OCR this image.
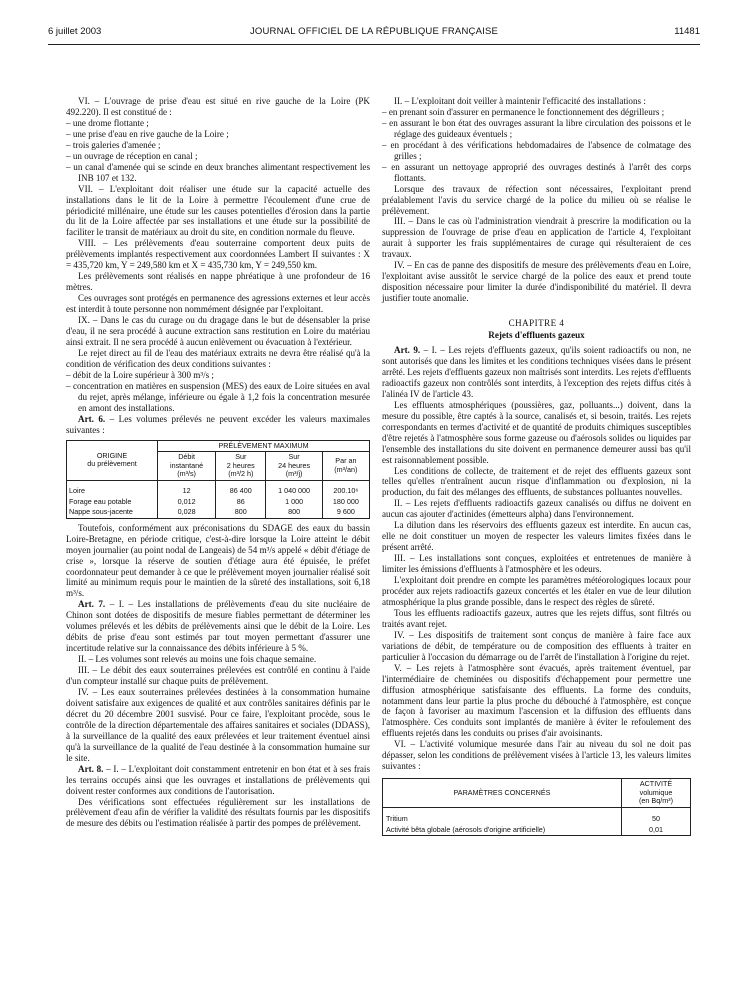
6 juillet 2003	JOURNAL OFFICIEL DE LA RÉPUBLIQUE FRANÇAISE	11481

VI. – L'ouvrage de prise d'eau est situé en rive gauche de la Loire (PK 492.220). Il est constitué de :

– une drome flottante ;

– une prise d'eau en rive gauche de la Loire ;

– trois galeries d'amenée ;

– un ouvrage de réception en canal ;

– un canal d'amenée qui se scinde en deux branches alimentant respectivement les INB 107 et 132.

VII. – L'exploitant doit réaliser une étude sur la capacité actuelle des installations dans le lit de la Loire à permettre l'écoulement d'une crue de périodicité millénaire, une étude sur les causes potentielles d'érosion dans la partie du lit de la Loire affectée par ses installations et une étude sur la possibilité de faciliter le transit de matériaux au droit du site, en condition normale du fleuve.

VIII. – Les prélèvements d'eau souterraine comportent deux puits de prélèvements implantés respectivement aux coordonnées Lambert II suivantes : X = 435,720 km, Y = 249,580 km et X = 435,730 km, Y = 249,550 km.

Les prélèvements sont réalisés en nappe phréatique à une profondeur de 16 mètres.

Ces ouvrages sont protégés en permanence des agressions externes et leur accès est interdit à toute personne non nommément désignée par l'exploitant.

IX. – Dans le cas du curage ou du dragage dans le but de désensabler la prise d'eau, il ne sera procédé à aucune extraction sans restitution en Loire du matériau ainsi extrait. Il ne sera procédé à aucun enlèvement ou évacuation à l'extérieur.

Le rejet direct au fil de l'eau des matériaux extraits ne devra être réalisé qu'à la condition de vérification des deux conditions suivantes :

– débit de la Loire supérieur à 300 m³/s ;

– concentration en matières en suspension (MES) des eaux de Loire situées en aval du rejet, après mélange, inférieure ou égale à 1,2 fois la concentration mesurée en amont des installations.

Art. 6. – Les volumes prélevés ne peuvent excéder les valeurs maximales suivantes :

ORIGINE
du prélèvement	PRÉLÈVEMENT MAXIMUM			
	Débit
instantané
(m³/s)	Sur
2 heures
(m³/2 h)	Sur
24 heures
(m³/j)	Par an
(m³/an)
Loire	12	86 400	1 040 000	200.10⁶
Forage eau potable	0,012	86	1 000	180 000
Nappe sous-jacente	0,028	800	800	9 600

Toutefois, conformément aux préconisations du SDAGE des eaux du bassin Loire-Bretagne, en période critique, c'est-à-dire lorsque la Loire atteint le débit moyen journalier (au point nodal de Langeais) de 54 m³/s appelé « débit d'étiage de crise », lorsque la réserve de soutien d'étiage aura été épuisée, le préfet coordonnateur peut demander à ce que le prélèvement moyen journalier réalisé soit limité au minimum requis pour le maintien de la sûreté des installations, soit 6,18 m³/s.

Art. 7. – I. – Les installations de prélèvements d'eau du site nucléaire de Chinon sont dotées de dispositifs de mesure fiables permettant de déterminer les volumes prélevés et les débits de prélèvements ainsi que le débit de la Loire. Les débits de prise d'eau sont estimés par tout moyen permettant d'assurer une incertitude relative sur la connaissance des débits inférieure à 5 %.

II. – Les volumes sont relevés au moins une fois chaque semaine.

III. – Le débit des eaux souterraines prélevées est contrôlé en continu à l'aide d'un compteur installé sur chaque puits de prélèvement.

IV. – Les eaux souterraines prélevées destinées à la consommation humaine doivent satisfaire aux exigences de qualité et aux contrôles sanitaires définis par le décret du 20 décembre 2001 susvisé. Pour ce faire, l'exploitant procède, sous le contrôle de la direction départementale des affaires sanitaires et sociales (DDASS), à la surveillance de la qualité des eaux prélevées et leur traitement éventuel ainsi qu'à la surveillance de la qualité de l'eau destinée à la consommation humaine sur le site.

Art. 8. – I. – L'exploitant doit constamment entretenir en bon état et à ses frais les terrains occupés ainsi que les ouvrages et installations de prélèvements qui doivent rester conformes aux conditions de l'autorisation.

Des vérifications sont effectuées régulièrement sur les installations de prélèvement d'eau afin de vérifier la validité des résultats fournis par les dispositifs de mesure des débits ou l'estimation réalisée à partir des pompes de prélèvement.

II. – L'exploitant doit veiller à maintenir l'efficacité des installations :

– en prenant soin d'assurer en permanence le fonctionnement des dégrilleurs ;

– en assurant le bon état des ouvrages assurant la libre circulation des poissons et le réglage des guideaux éventuels ;

– en procédant à des vérifications hebdomadaires de l'absence de colmatage des grilles ;

– en assurant un nettoyage approprié des ouvrages destinés à l'arrêt des corps flottants.

Lorsque des travaux de réfection sont nécessaires, l'exploitant prend préalablement l'avis du service chargé de la police du milieu où se réalise le prélèvement.

III. – Dans le cas où l'administration viendrait à prescrire la modification ou la suppression de l'ouvrage de prise d'eau en application de l'article 4, l'exploitant aurait à supporter les frais supplémentaires de curage qui résulteraient de ces travaux.

IV. – En cas de panne des dispositifs de mesure des prélèvements d'eau en Loire, l'exploitant avise aussitôt le service chargé de la police des eaux et prend toute disposition nécessaire pour limiter la durée d'indisponibilité du matériel. Il devra justifier toute anomalie.

CHAPITRE 4
Rejets d'effluents gazeux

Art. 9. – I. – Les rejets d'effluents gazeux, qu'ils soient radioactifs ou non, ne sont autorisés que dans les limites et les conditions techniques visées dans le présent arrêté. Les rejets d'effluents gazeux non maîtrisés sont interdits. Les rejets d'effluents radioactifs gazeux non contrôlés sont interdits, à l'exception des rejets diffus cités à l'alinéa IV de l'article 43.

Les effluents atmosphériques (poussières, gaz, polluants...) doivent, dans la mesure du possible, être captés à la source, canalisés et, si besoin, traités. Les rejets correspondants en termes d'activité et de quantité de produits chimiques susceptibles d'être rejetés à l'atmosphère sous forme gazeuse ou d'aérosols solides ou liquides par l'ensemble des installations du site doivent en permanence demeurer aussi bas qu'il est raisonnablement possible.

Les conditions de collecte, de traitement et de rejet des effluents gazeux sont telles qu'elles n'entraînent aucun risque d'inflammation ou d'explosion, ni la production, du fait des mélanges des effluents, de substances polluantes nouvelles.

II. – Les rejets d'effluents radioactifs gazeux canalisés ou diffus ne doivent en aucun cas ajouter d'actinides (émetteurs alpha) dans l'environnement.

La dilution dans les réservoirs des effluents gazeux est interdite. En aucun cas, elle ne doit constituer un moyen de respecter les valeurs limites fixées dans le présent arrêté.

III. – Les installations sont conçues, exploitées et entretenues de manière à limiter les émissions d'effluents à l'atmosphère et les odeurs.

L'exploitant doit prendre en compte les paramètres météorologiques locaux pour procéder aux rejets radioactifs gazeux concertés et les étaler en vue de leur dilution atmosphérique la plus grande possible, dans le respect des règles de sûreté.

Tous les effluents radioactifs gazeux, autres que les rejets diffus, sont filtrés ou traités avant rejet.

IV. – Les dispositifs de traitement sont conçus de manière à faire face aux variations de débit, de température ou de composition des effluents à traiter en particulier à l'occasion du démarrage ou de l'arrêt de l'installation à l'origine du rejet.

V. – Les rejets à l'atmosphère sont évacués, après traitement éventuel, par l'intermédiaire de cheminées ou dispositifs d'échappement pour permettre une diffusion atmosphérique satisfaisante des effluents. La forme des conduits, notamment dans leur partie la plus proche du débouché à l'atmosphère, est conçue de façon à favoriser au maximum l'ascension et la diffusion des effluents dans l'atmosphère. Ces conduits sont implantés de manière à éviter le refoulement des effluents rejetés dans les conduits ou prises d'air avoisinants.

VI. – L'activité volumique mesurée dans l'air au niveau du sol ne doit pas dépasser, selon les conditions de prélèvement visées à l'article 13, les valeurs limites suivantes :

PARAMÈTRES CONCERNÉS	ACTIVITÉ
volumique
(en Bq/m³)
Tritium	50
Activité bêta globale (aérosols d'origine artificielle)	0,01
